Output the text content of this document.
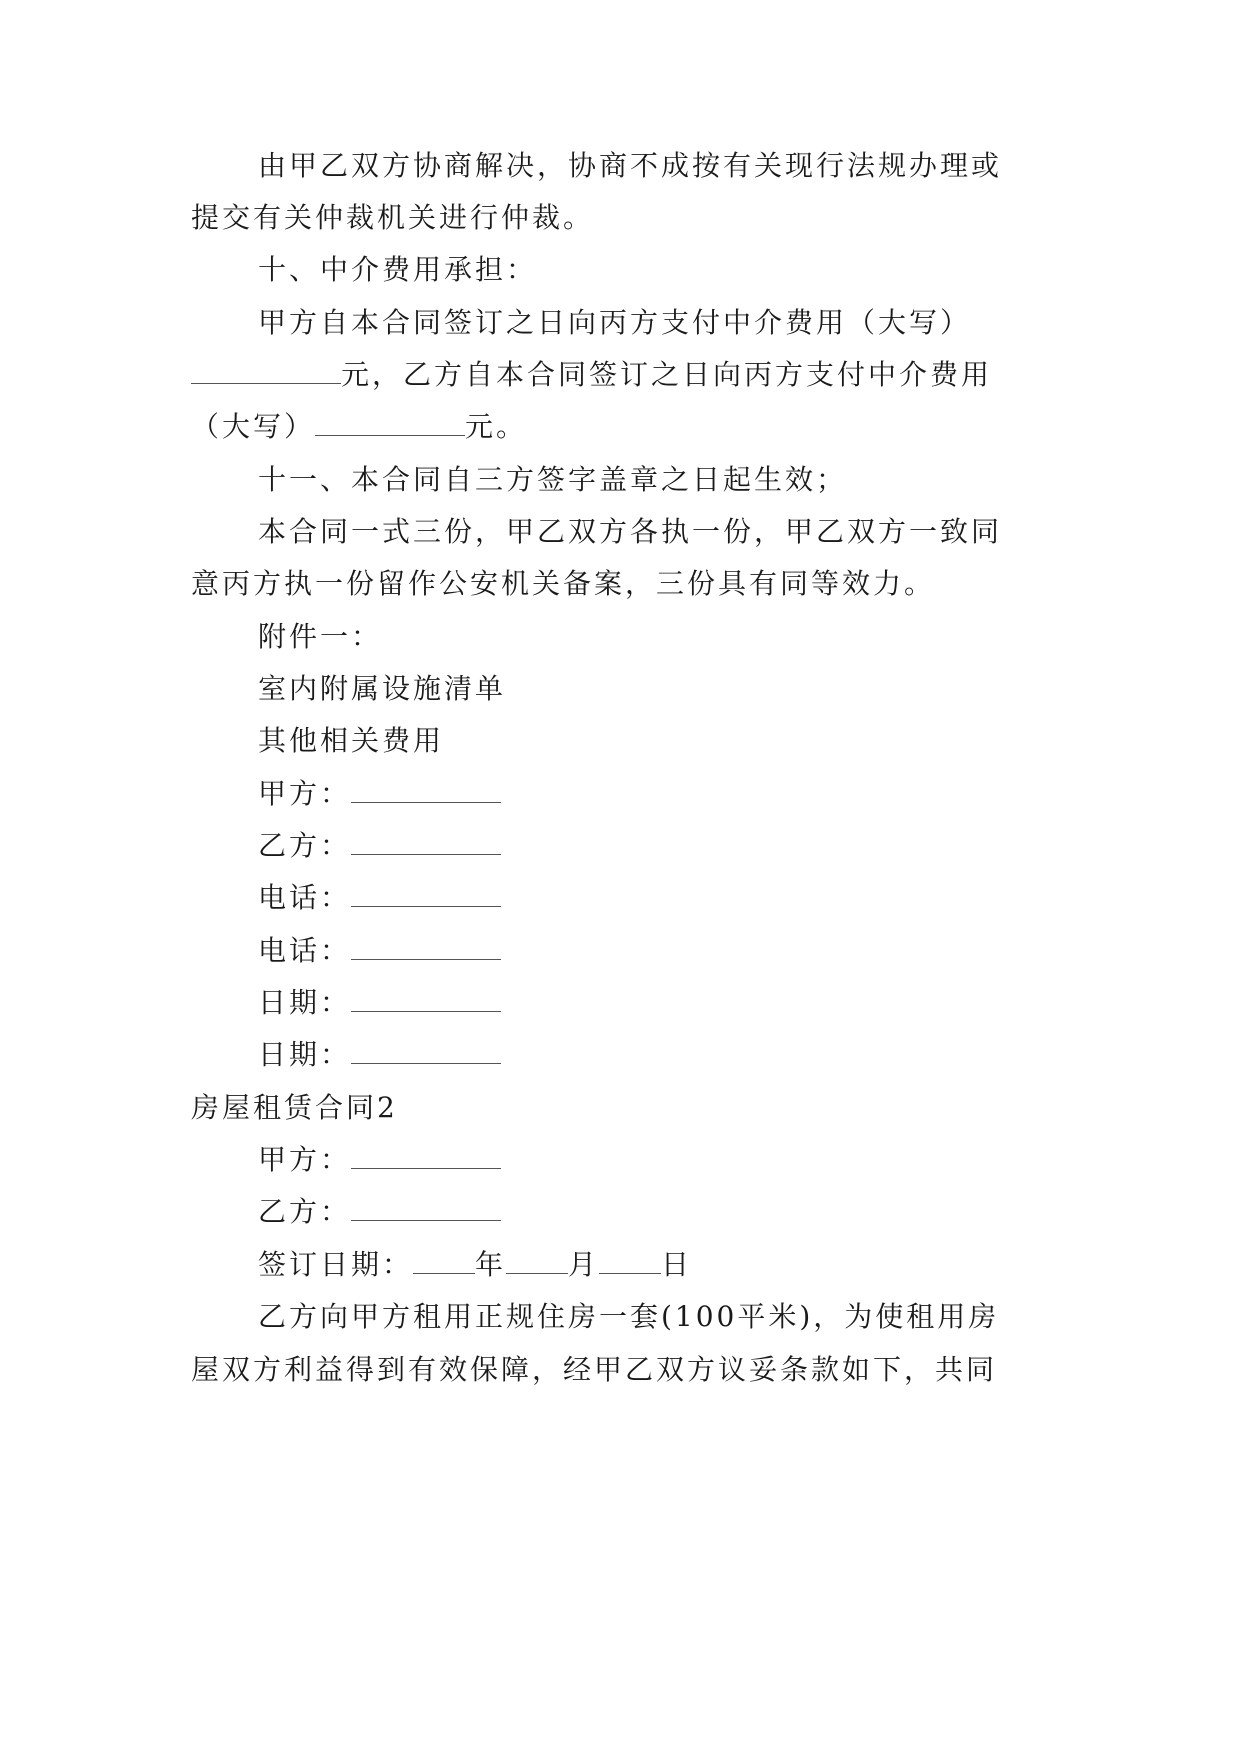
由甲乙双方协商解决，协商不成按有关现行法规办理或
提交有关仲裁机关进行仲裁。
十、中介费用承担：
甲方自本合同签订之日向丙方支付中介费用（大写）
元，乙方自本合同签订之日向丙方支付中介费用
（大写）	元。
十一、本合同自三方签字盖章之日起生效；
本合同一式三份，甲乙双方各执一份，甲乙双方一致同
意丙方执一份留作公安机关备案，三份具有同等效力。
附件一：
室内附属设施清单
其他相关费用
甲方：
乙方：
电话：
电话：
日期：
日期：
房屋租赁合同2
甲方：
乙方：
签订日期： 年 月 日
乙方向甲方租用正规住房一套(100平米)，为使租用房
屋双方利益得到有效保障，经甲乙双方议妥条款如下，共同
